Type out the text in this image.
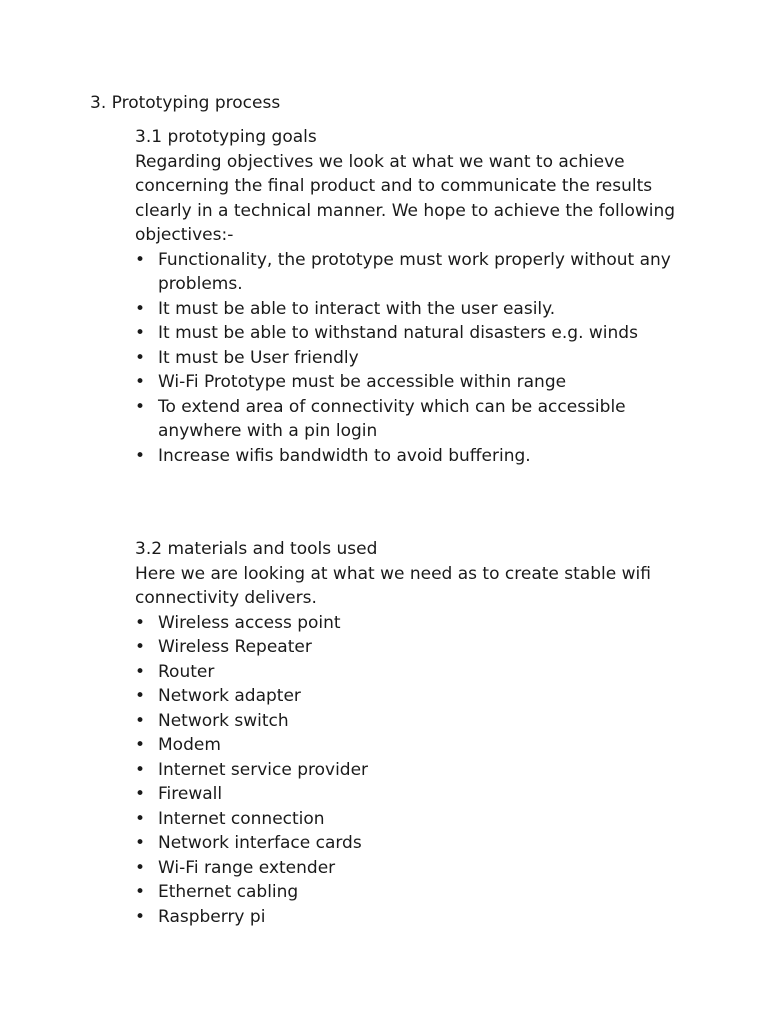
3. Prototyping process

3.1 prototyping goals

Regarding objectives we look at what we want to achieve concerning the final product and to communicate the results clearly in a technical manner. We hope to achieve the following objectives:-

• Functionality, the prototype must work properly without any problems.
• It must be able to interact with the user easily.
• It must be able to withstand natural disasters e.g. winds
• It must be User friendly
• Wi-Fi Prototype must be accessible within range
• To extend area of connectivity which can be accessible anywhere with a pin login
• Increase wifis bandwidth to avoid buffering.

3.2 materials and tools used

Here we are looking at what we need as to create stable wifi connectivity delivers.

• Wireless access point
• Wireless Repeater
• Router
• Network adapter
• Network switch
• Modem
• Internet service provider
• Firewall
• Internet connection
• Network interface cards
• Wi-Fi range extender
• Ethernet cabling
• Raspberry pi
